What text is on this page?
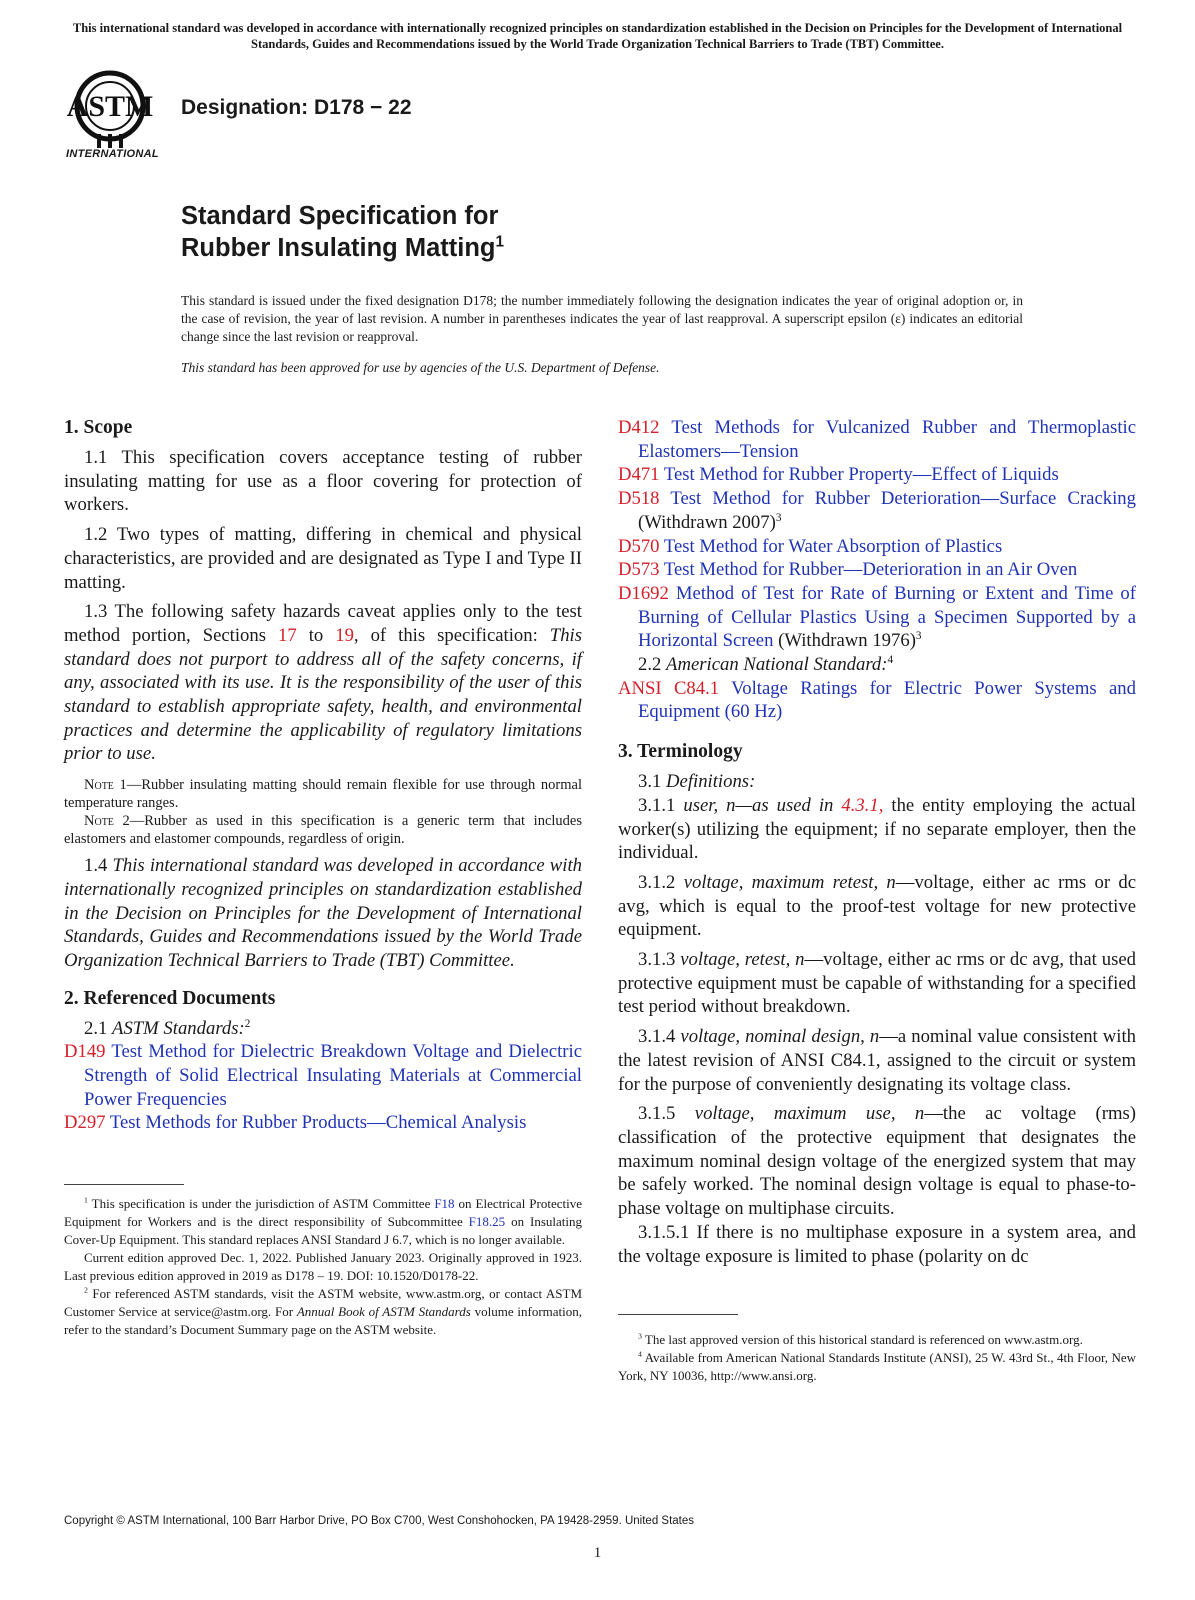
This international standard was developed in accordance with internationally recognized principles on standardization established in the Decision on Principles for the Development of International Standards, Guides and Recommendations issued by the World Trade Organization Technical Barriers to Trade (TBT) Committee.
ASTM
INTERNATIONAL
Designation: D178 − 22
Standard Specification for
Rubber Insulating Matting$^1$
This standard is issued under the fixed designation D178; the number immediately following the designation indicates the year of original adoption or, in the case of revision, the year of last revision. A number in parentheses indicates the year of last reapproval. A superscript epsilon (ε) indicates an editorial change since the last revision or reapproval.
This standard has been approved for use by agencies of the U.S. Department of Defense.
1. Scope

1.1 This specification covers acceptance testing of rubber insulating matting for use as a floor covering for protection of workers.

1.2 Two types of matting, differing in chemical and physical characteristics, are provided and are designated as Type I and Type II matting.

1.3 The following safety hazards caveat applies only to the test method portion, Sections 17 to 19, of this specification: This standard does not purport to address all of the safety concerns, if any, associated with its use. It is the responsibility of the user of this standard to establish appropriate safety, health, and environmental practices and determine the applicability of regulatory limitations prior to use.

Note 1—Rubber insulating matting should remain flexible for use through normal temperature ranges.

Note 2—Rubber as used in this specification is a generic term that includes elastomers and elastomer compounds, regardless of origin.

1.4 This international standard was developed in accordance with internationally recognized principles on standardization established in the Decision on Principles for the Development of International Standards, Guides and Recommendations issued by the World Trade Organization Technical Barriers to Trade (TBT) Committee.

2. Referenced Documents

2.1 ASTM Standards:$^2$

D149 Test Method for Dielectric Breakdown Voltage and Dielectric Strength of Solid Electrical Insulating Materials at Commercial Power Frequencies

D297 Test Methods for Rubber Products—Chemical Analysis

$^1$ This specification is under the jurisdiction of ASTM Committee F18 on Electrical Protective Equipment for Workers and is the direct responsibility of Subcommittee F18.25 on Insulating Cover-Up Equipment. This standard replaces ANSI Standard J 6.7, which is no longer available.

Current edition approved Dec. 1, 2022. Published January 2023. Originally approved in 1923. Last previous edition approved in 2019 as D178 – 19. DOI: 10.1520/D0178-22.

$^2$ For referenced ASTM standards, visit the ASTM website, www.astm.org, or contact ASTM Customer Service at service@astm.org. For Annual Book of ASTM Standards volume information, refer to the standard’s Document Summary page on the ASTM website.

D412 Test Methods for Vulcanized Rubber and Thermoplastic Elastomers—Tension

D471 Test Method for Rubber Property—Effect of Liquids

D518 Test Method for Rubber Deterioration—Surface Cracking (Withdrawn 2007)$^3$

D570 Test Method for Water Absorption of Plastics

D573 Test Method for Rubber—Deterioration in an Air Oven

D1692 Method of Test for Rate of Burning or Extent and Time of Burning of Cellular Plastics Using a Specimen Supported by a Horizontal Screen (Withdrawn 1976)$^3$

2.2 American National Standard:$^4$

ANSI C84.1 Voltage Ratings for Electric Power Systems and Equipment (60 Hz)

3. Terminology

3.1 Definitions:

3.1.1 user, n—as used in 4.3.1, the entity employing the actual worker(s) utilizing the equipment; if no separate employer, then the individual.

3.1.2 voltage, maximum retest, n—voltage, either ac rms or dc avg, which is equal to the proof-test voltage for new protective equipment.

3.1.3 voltage, retest, n—voltage, either ac rms or dc avg, that used protective equipment must be capable of withstanding for a specified test period without breakdown.

3.1.4 voltage, nominal design, n—a nominal value consistent with the latest revision of ANSI C84.1, assigned to the circuit or system for the purpose of conveniently designating its voltage class.

3.1.5 voltage, maximum use, n—the ac voltage (rms) classification of the protective equipment that designates the maximum nominal design voltage of the energized system that may be safely worked. The nominal design voltage is equal to phase-to-phase voltage on multiphase circuits.

3.1.5.1 If there is no multiphase exposure in a system area, and the voltage exposure is limited to phase (polarity on dc

$^3$ The last approved version of this historical standard is referenced on www.astm.org.

$^4$ Available from American National Standards Institute (ANSI), 25 W. 43rd St., 4th Floor, New York, NY 10036, http://www.ansi.org.

Copyright © ASTM International, 100 Barr Harbor Drive, PO Box C700, West Conshohocken, PA 19428-2959. United States
1
